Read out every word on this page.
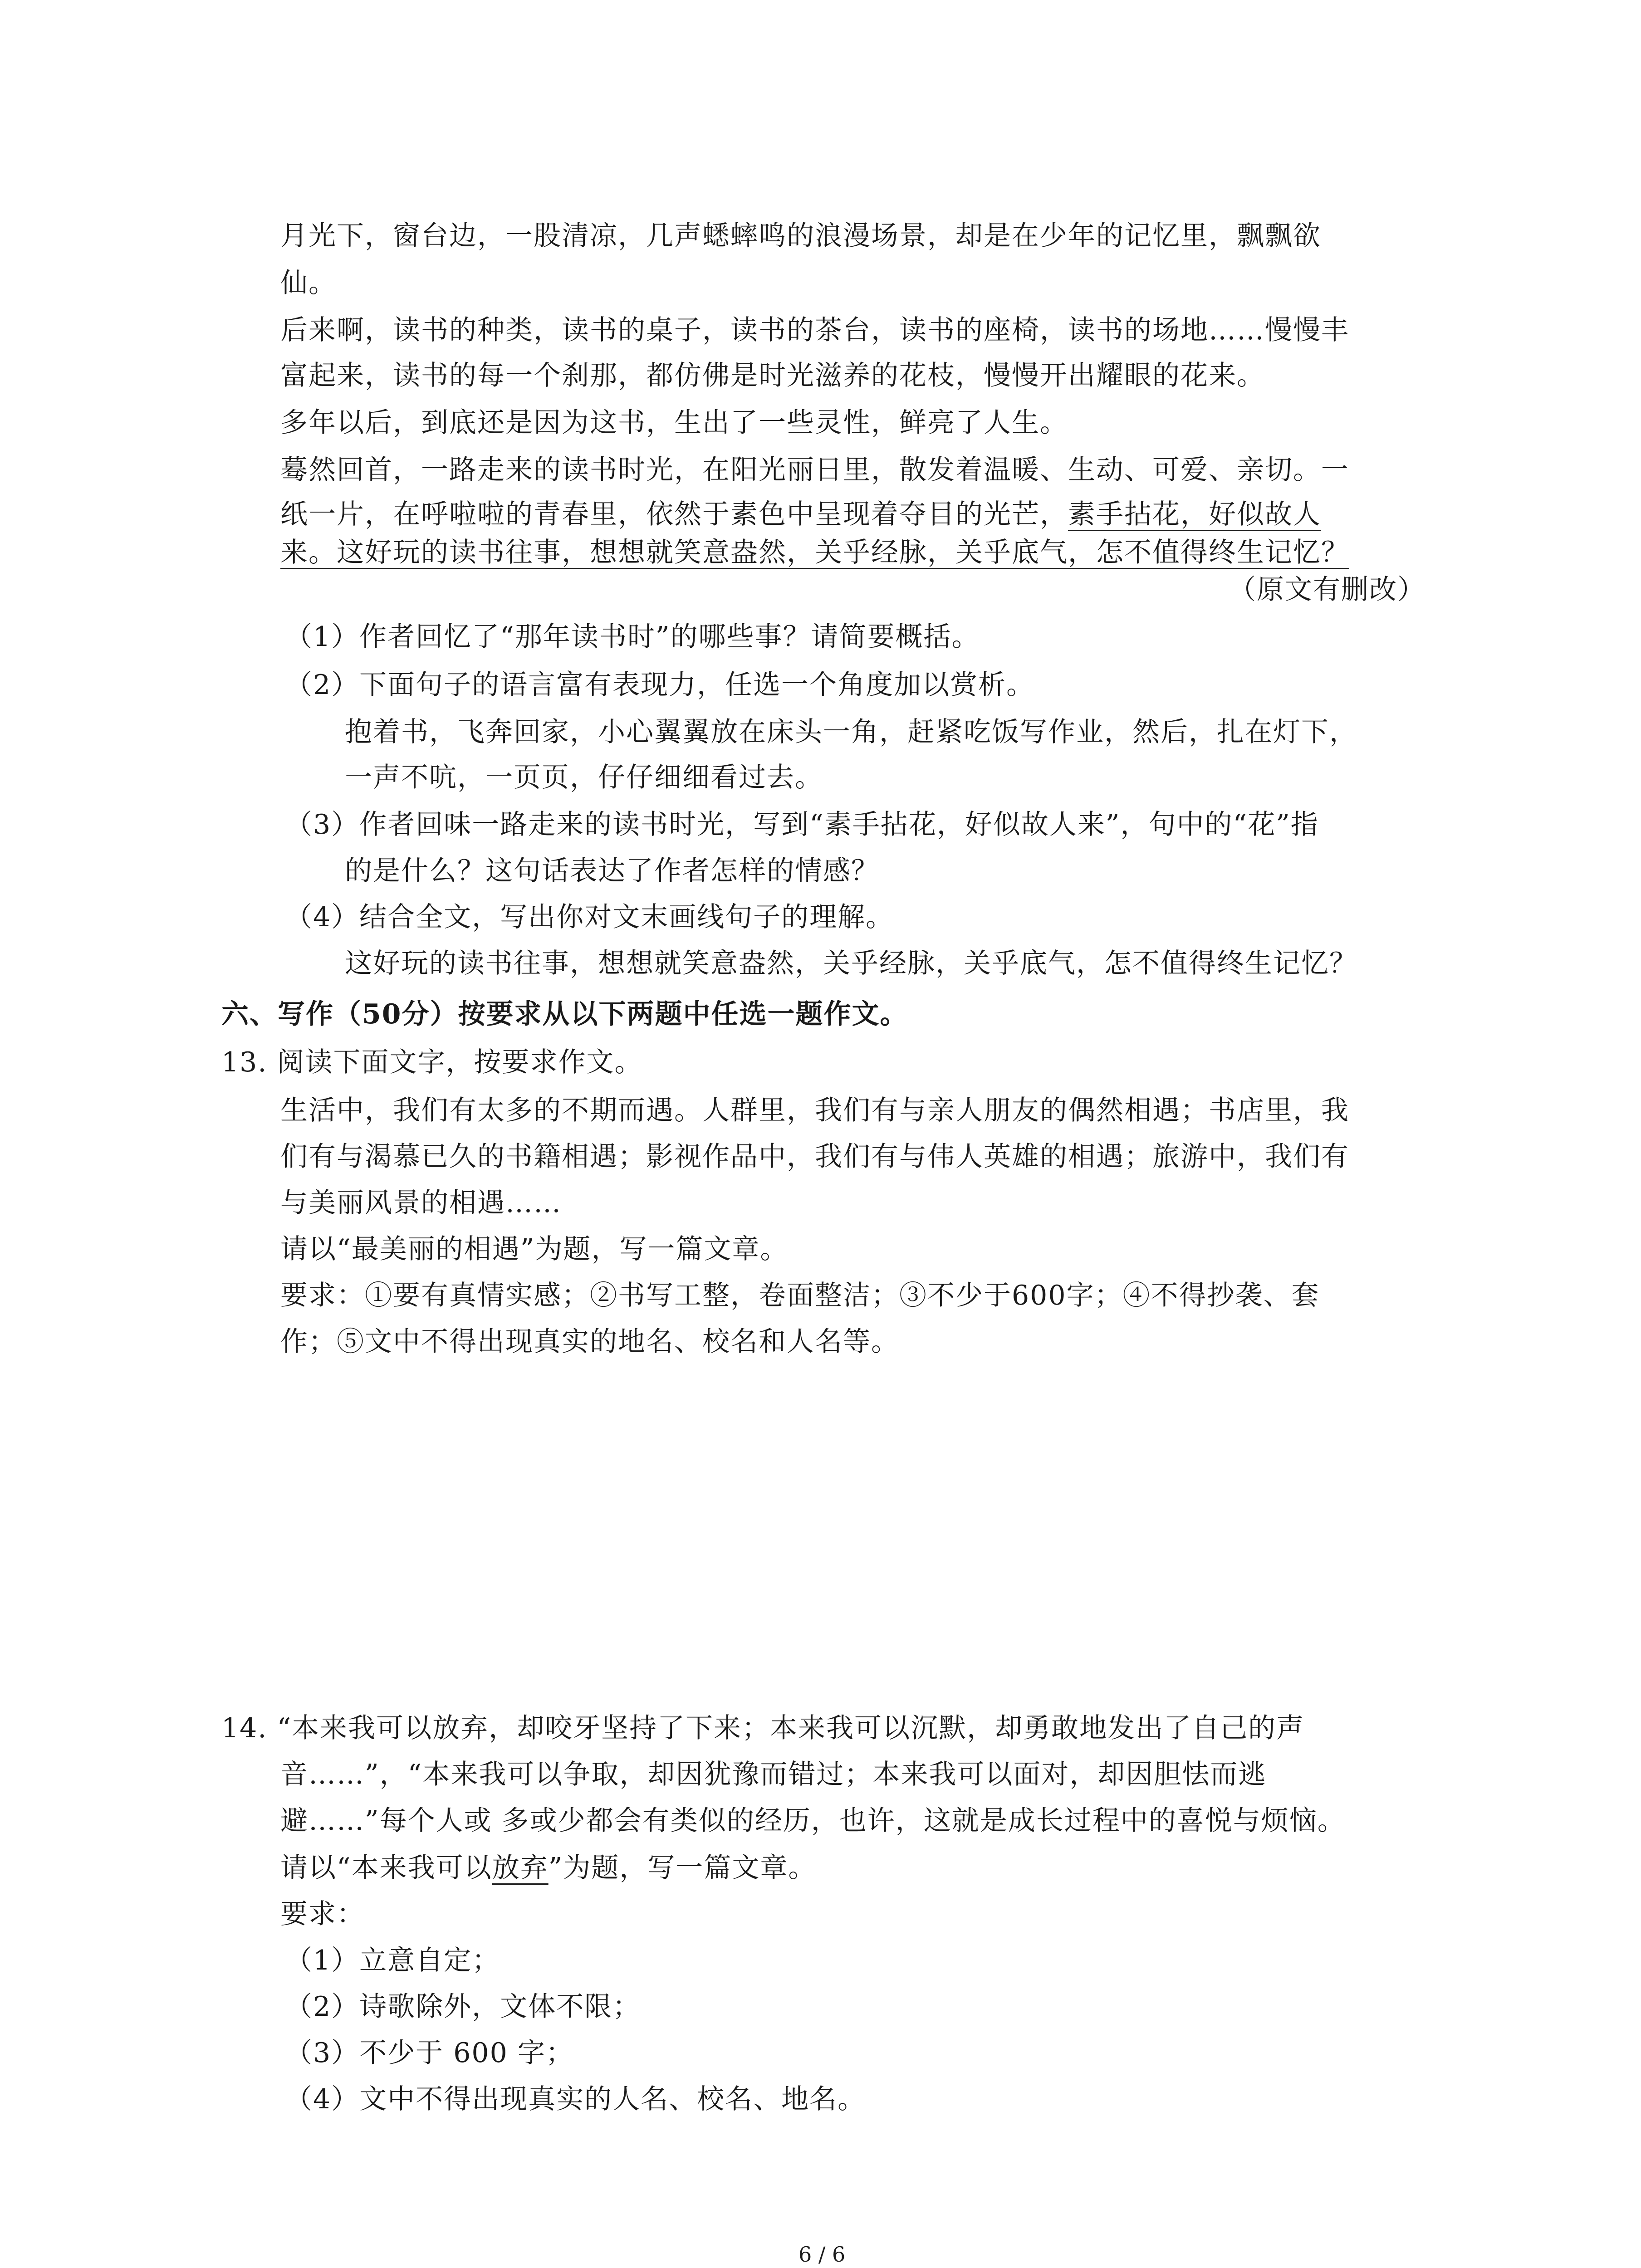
月光下，窗台边，一股清凉，几声蟋蟀鸣的浪漫场景，却是在少年的记忆里，飘飘欲
仙。
后来啊，读书的种类，读书的桌子，读书的茶台，读书的座椅，读书的场地……慢慢丰
富起来，读书的每一个刹那，都仿佛是时光滋养的花枝，慢慢开出耀眼的花来。
多年以后，到底还是因为这书，生出了一些灵性，鲜亮了人生。
蓦然回首，一路走来的读书时光，在阳光丽日里，散发着温暖、生动、可爱、亲切。一
纸一片，在呼啦啦的青春里，依然于素色中呈现着夺目的光芒，素手拈花，好似故人
来。这好玩的读书往事，想想就笑意盎然，关乎经脉，关乎底气，怎不值得终生记忆？
（原文有删改）
（1）作者回忆了“那年读书时”的哪些事？请简要概括。
（2）下面句子的语言富有表现力，任选一个角度加以赏析。
抱着书，飞奔回家，小心翼翼放在床头一角，赶紧吃饭写作业，然后，扎在灯下，
一声不吭，一页页，仔仔细细看过去。
（3）作者回味一路走来的读书时光，写到“素手拈花，好似故人来”，句中的“花”指
的是什么？这句话表达了作者怎样的情感？
（4）结合全文，写出你对文末画线句子的理解。
这好玩的读书往事，想想就笑意盎然，关乎经脉，关乎底气，怎不值得终生记忆？
六、写作（50分）按要求从以下两题中任选一题作文。
13. 阅读下面文字，按要求作文。
生活中，我们有太多的不期而遇。人群里，我们有与亲人朋友的偶然相遇；书店里，我
们有与渴慕已久的书籍相遇；影视作品中，我们有与伟人英雄的相遇；旅游中，我们有
与美丽风景的相遇……
请以“最美丽的相遇”为题，写一篇文章。
要求：①要有真情实感；②书写工整，卷面整洁；③不少于600字；④不得抄袭、套
作；⑤文中不得出现真实的地名、校名和人名等。
14. “本来我可以放弃，却咬牙坚持了下来；本来我可以沉默，却勇敢地发出了自己的声
音……”，“本来我可以争取，却因犹豫而错过；本来我可以面对，却因胆怯而逃
避……”每个人或 多或少都会有类似的经历，也许，这就是成长过程中的喜悦与烦恼。
请以“本来我可以放弃”为题，写一篇文章。
要求：
（1）立意自定；
（2）诗歌除外，文体不限；
（3）不少于 600 字；
（4）文中不得出现真实的人名、校名、地名。
6 / 6
